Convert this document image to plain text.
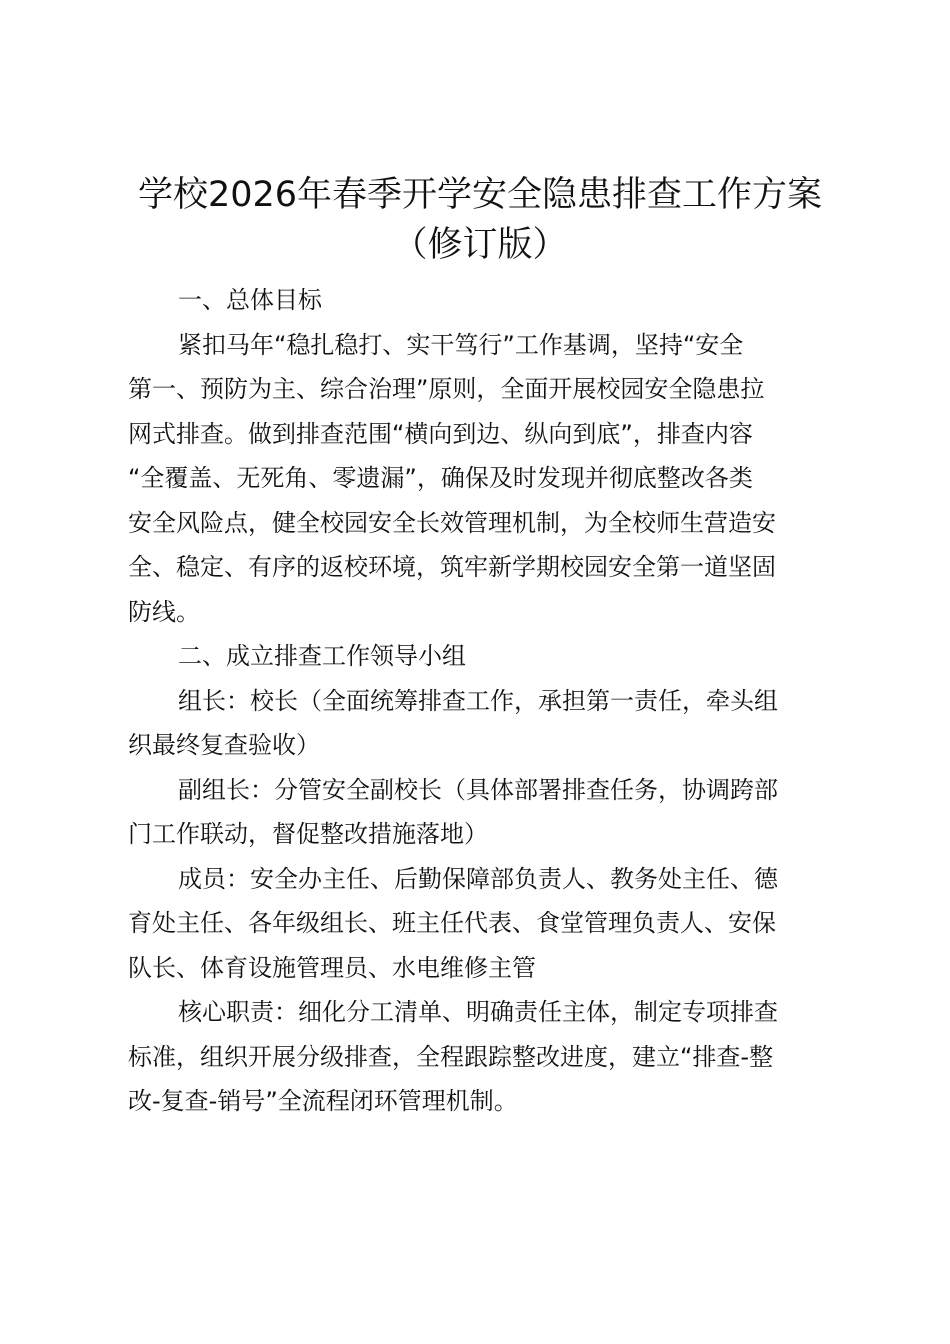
学校2026年春季开学安全隐患排查工作方案
（修订版）
一、总体目标
紧扣马年“稳扎稳打、实干笃行”工作基调，坚持“安全
第一、预防为主、综合治理”原则，全面开展校园安全隐患拉
网式排查。做到排查范围“横向到边、纵向到底”，排查内容
“全覆盖、无死角、零遗漏”，确保及时发现并彻底整改各类
安全风险点，健全校园安全长效管理机制，为全校师生营造安
全、稳定、有序的返校环境，筑牢新学期校园安全第一道坚固
防线。
二、成立排查工作领导小组
组长：校长（全面统筹排查工作，承担第一责任，牵头组
织最终复查验收）
副组长：分管安全副校长（具体部署排查任务，协调跨部
门工作联动，督促整改措施落地）
成员：安全办主任、后勤保障部负责人、教务处主任、德
育处主任、各年级组长、班主任代表、食堂管理负责人、安保
队长、体育设施管理员、水电维修主管
核心职责：细化分工清单、明确责任主体，制定专项排查
标准，组织开展分级排查，全程跟踪整改进度，建立“排查-整
改-复查-销号”全流程闭环管理机制。
